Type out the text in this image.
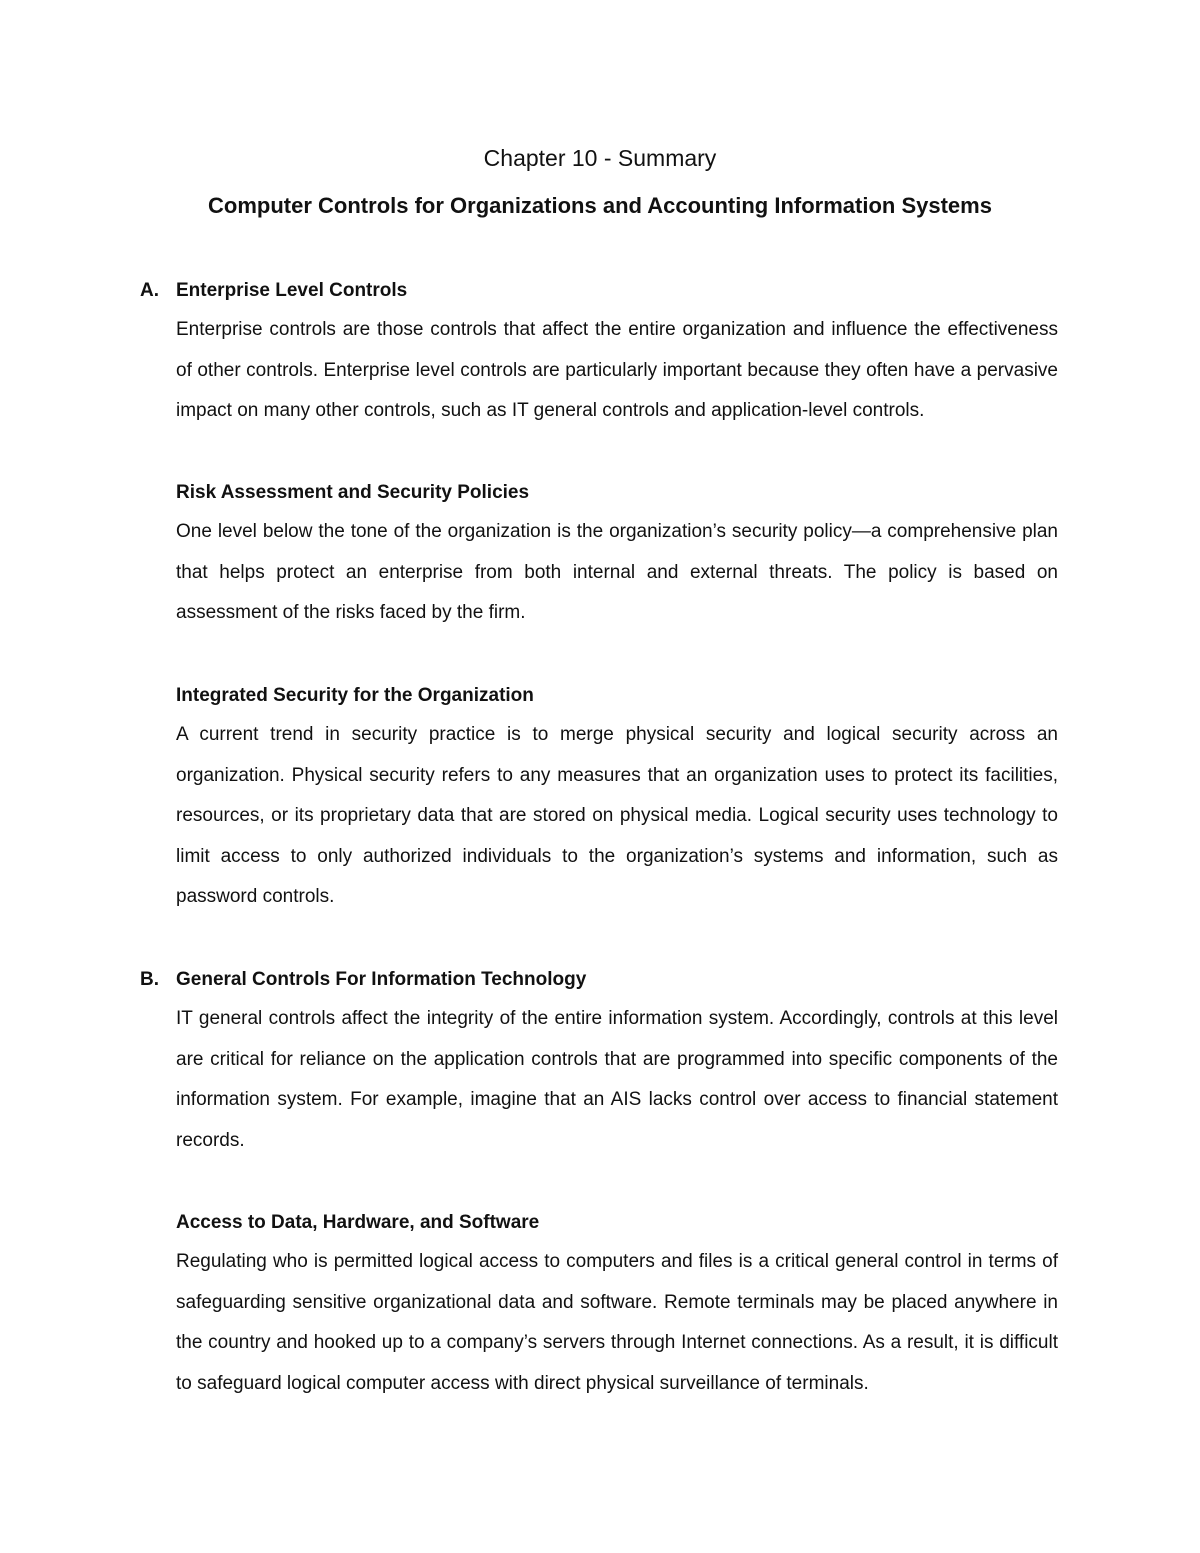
Chapter 10 - Summary
Computer Controls for Organizations and Accounting Information Systems
A. Enterprise Level Controls

Enterprise controls are those controls that affect the entire organization and influence the effectiveness of other controls. Enterprise level controls are particularly important because they often have a pervasive impact on many other controls, such as IT general controls and application-level controls.

Risk Assessment and Security Policies

One level below the tone of the organization is the organization’s security policy—a comprehensive plan that helps protect an enterprise from both internal and external threats. The policy is based on assessment of the risks faced by the firm.

Integrated Security for the Organization

A current trend in security practice is to merge physical security and logical security across an organization. Physical security refers to any measures that an organization uses to protect its facilities, resources, or its proprietary data that are stored on physical media. Logical security uses technology to limit access to only authorized individuals to the organization’s systems and information, such as password controls.

B. General Controls For Information Technology

IT general controls affect the integrity of the entire information system. Accordingly, controls at this level are critical for reliance on the application controls that are programmed into specific components of the information system. For example, imagine that an AIS lacks control over access to financial statement records.

Access to Data, Hardware, and Software

Regulating who is permitted logical access to computers and files is a critical general control in terms of safeguarding sensitive organizational data and software. Remote terminals may be placed anywhere in the country and hooked up to a company’s servers through Internet connections. As a result, it is difficult to safeguard logical computer access with direct physical surveillance of terminals.
